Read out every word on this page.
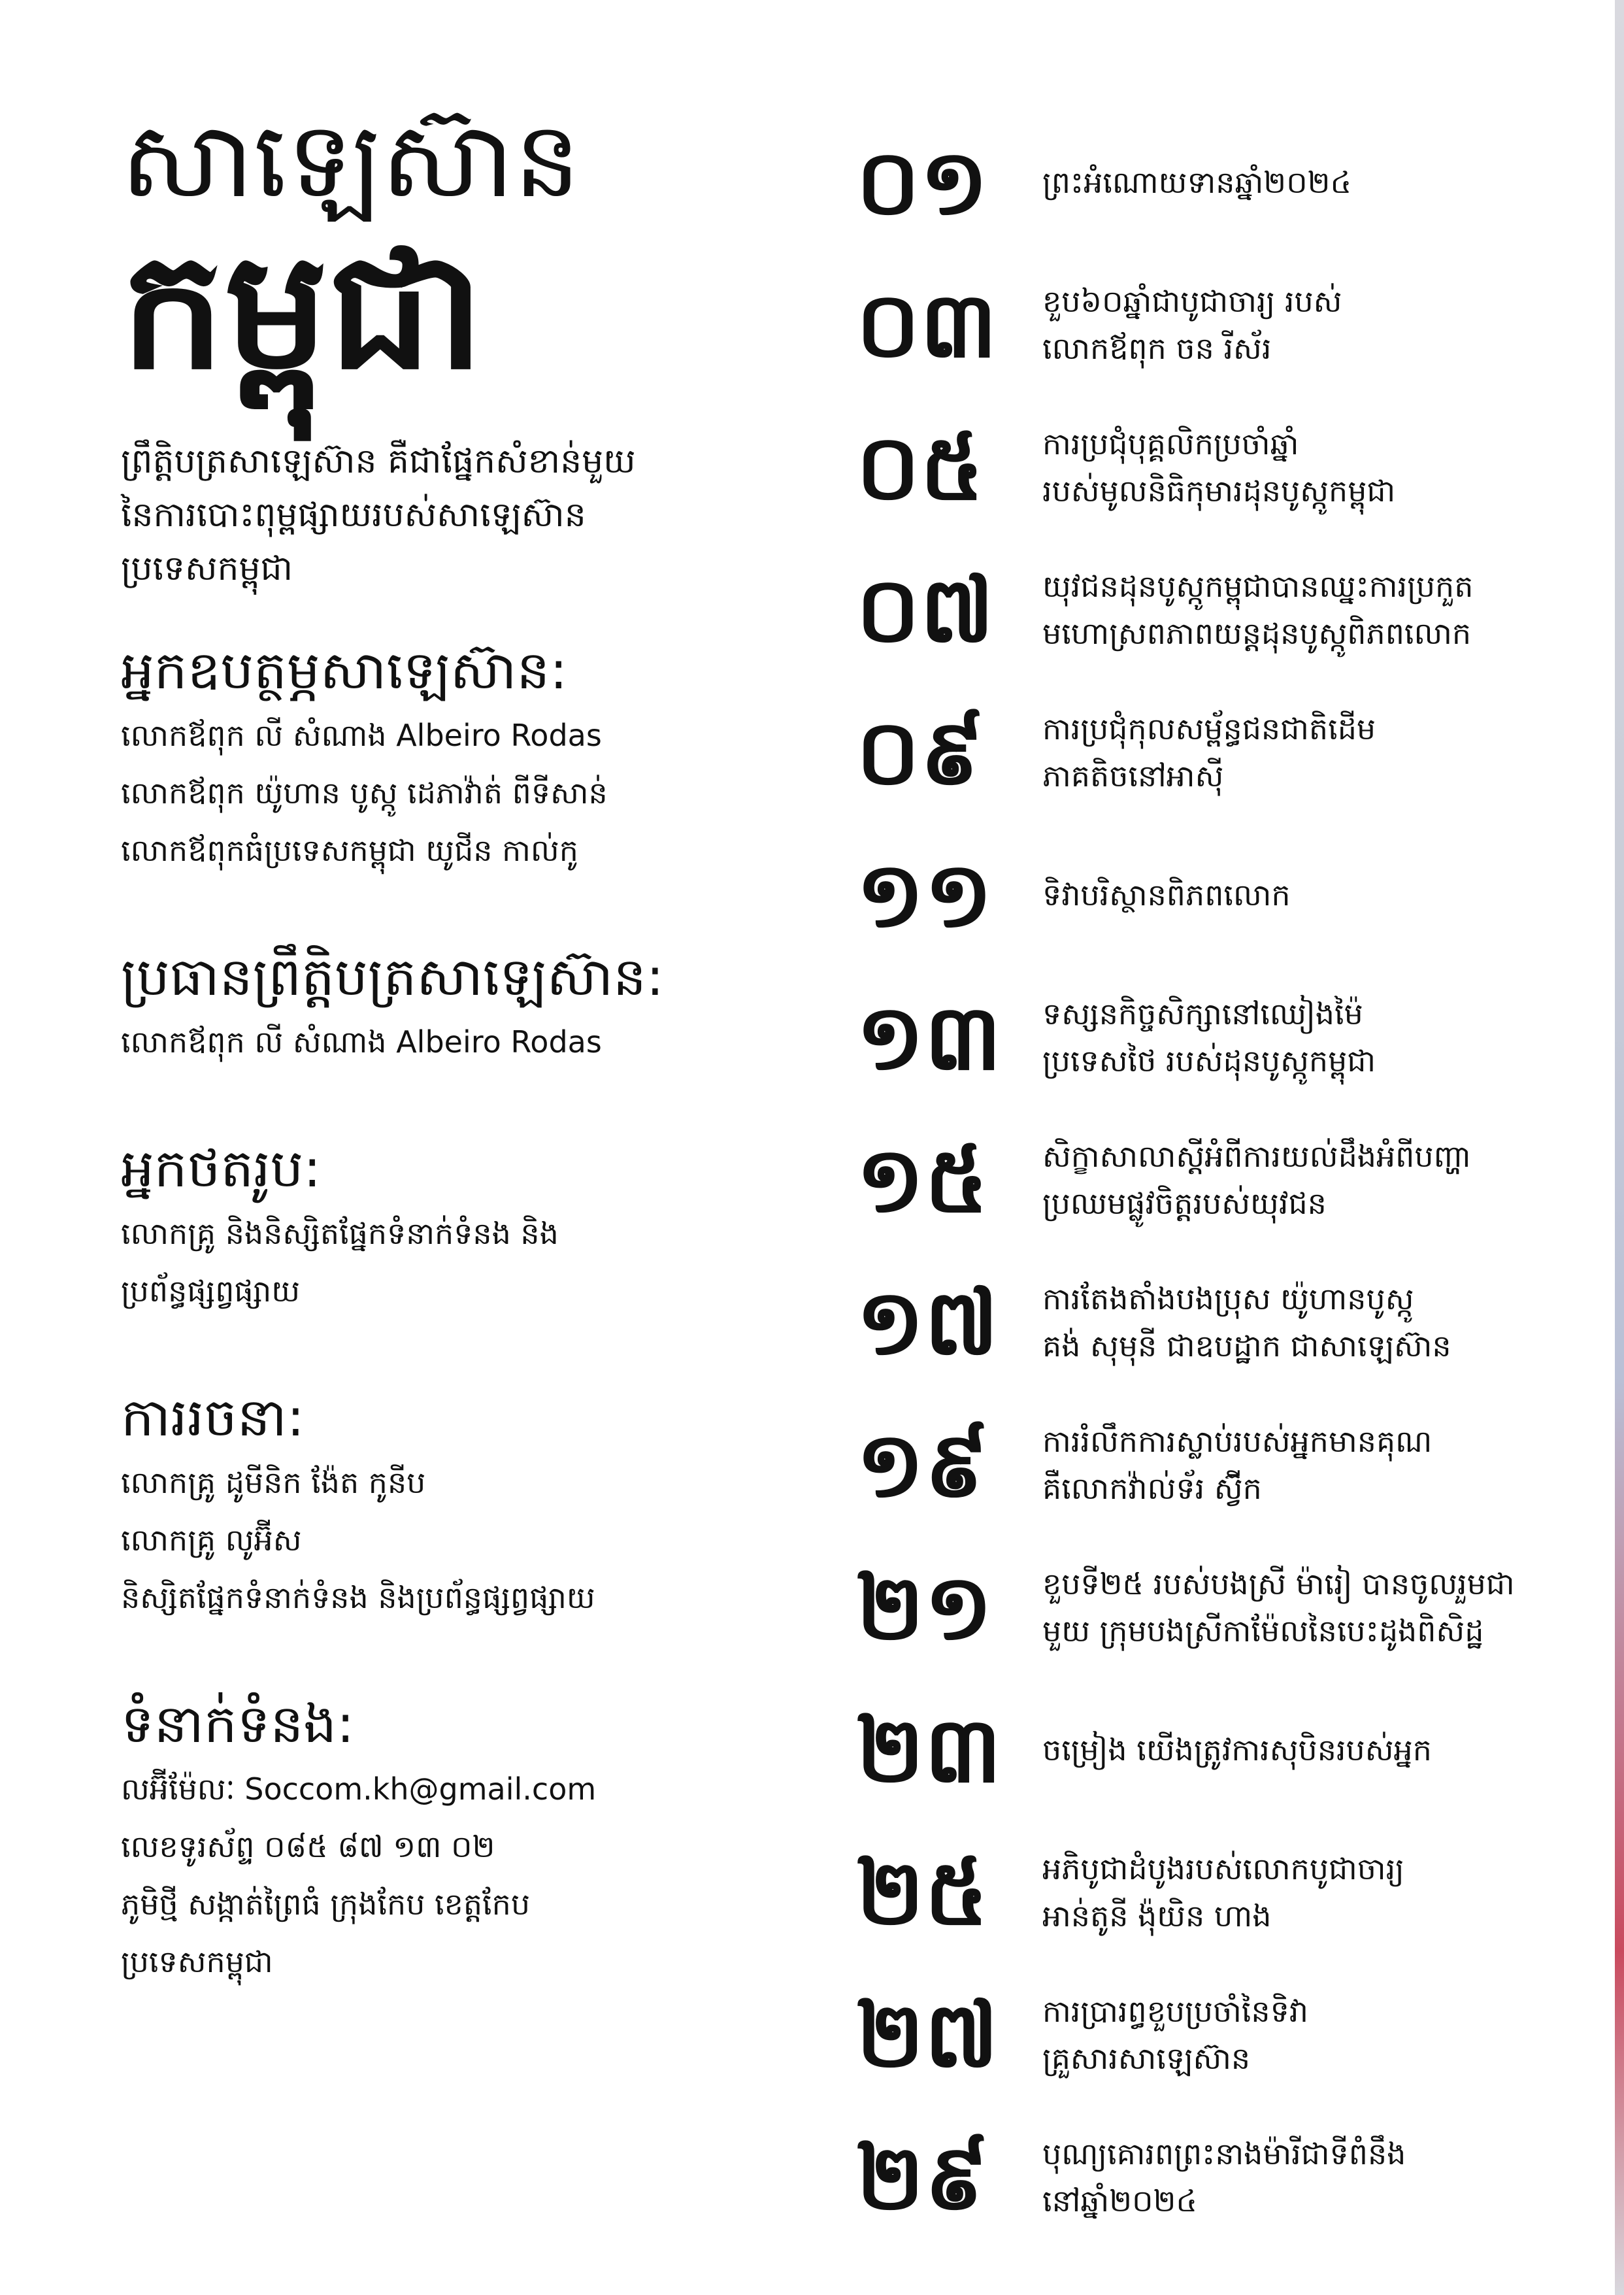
សាឡេស៊ាន
កម្ពុជា
ព្រឹត្តិបត្រសាឡេស៊ាន គឺជាផ្នែកសំខាន់មួយ
នៃការបោះពុម្ពផ្សាយរបស់សាឡេស៊ាន
ប្រទេសកម្ពុជា
អ្នកឧបត្ថម្ភសាឡេស៊ាន:
លោកឪពុក លី សំណាង Albeiro Rodas
លោកឪពុក យ៉ូហាន បូស្កូ ដេភាវ៉ាត់ ពីទីសាន់
លោកឪពុកធំប្រទេសកម្ពុជា យូជីន កាល់កូ
ប្រធានព្រឹត្តិបត្រសាឡេស៊ាន:
លោកឪពុក លី សំណាង Albeiro Rodas
អ្នកថតរូប:
លោកគ្រូ និងនិស្សិតផ្នែកទំនាក់ទំនង និង
ប្រព័ន្ធផ្សព្វផ្សាយ
ការរចនា:
លោកគ្រូ ដូមីនិក ង៉ែត កូនីប
លោកគ្រូ លូអ៊ីស
និស្សិតផ្នែកទំនាក់ទំនង និងប្រព័ន្ធផ្សព្វផ្សាយ
ទំនាក់ទំនង:
លអ៊ីម៉ែលៈ Soccom.kh@gmail.com
លេខទូរស័ព្ទ ០៨៥ ៨៧ ១៣ ០២
ភូមិថ្មី សង្កាត់ព្រៃធំ ក្រុងកែប ខេត្តកែប
ប្រទេសកម្ពុជា
០១	ព្រះអំណោយទានឆ្នាំ២០២៤
០៣	ខួប៦០ឆ្នាំជាបូជាចារ្យ របស់
លោកឪពុក ចន រីស័រ
០៥	ការប្រជុំបុគ្គលិកប្រចាំឆ្នាំ
របស់មូលនិធិកុមារដុនបូស្កូកម្ពុជា
០៧	យុវជនដុនបូស្កូកម្ពុជាបានឈ្នះការប្រកួត
មហោស្រពភាពយន្តដុនបូស្កូពិភពលោក
០៩	ការប្រជុំកុលសម្ព័ន្ធជនជាតិដើម
ភាគតិចនៅអាស៊ី
១១	ទិវាបរិស្ថានពិភពលោក
១៣	ទស្សនកិច្ចសិក្សានៅឈៀងម៉ៃ
ប្រទេសថៃ របស់ដុនបូស្កូកម្ពុជា
១៥	សិក្ខាសាលាស្ដីអំពីការយល់ដឹងអំពីបញ្ហា
ប្រឈមផ្លូវចិត្តរបស់យុវជន
១៧	ការតែងតាំងបងប្រុស យ៉ូហានបូស្កូ
គង់ សុមុនី ជាឧបដ្ឋាក ជាសាឡេស៊ាន
១៩	ការរំលឹកការស្លាប់របស់អ្នកមានគុណ
គឺលោកវ៉ាល់ទ័រ ស៊្វីក
២១	ខួបទី២៥ របស់បងស្រី ម៉ារៀ បានចូលរួមជា
មួយ ក្រុមបងស្រីកាម៉ែលនៃបេះដូងពិសិដ្ឋ
២៣	ចម្រៀង យើងត្រូវការសុបិនរបស់អ្នក
២៥	អភិបូជាដំបូងរបស់លោកបូជាចារ្យ
អាន់តូនី ង៉ុយិន ហាង
២៧	ការប្រារព្ធខួបប្រចាំនៃទិវា
គ្រួសារសាឡេស៊ាន
២៩	បុណ្យគោរពព្រះនាងម៉ារីជាទីពំនឹង
នៅឆ្នាំ២០២៤
